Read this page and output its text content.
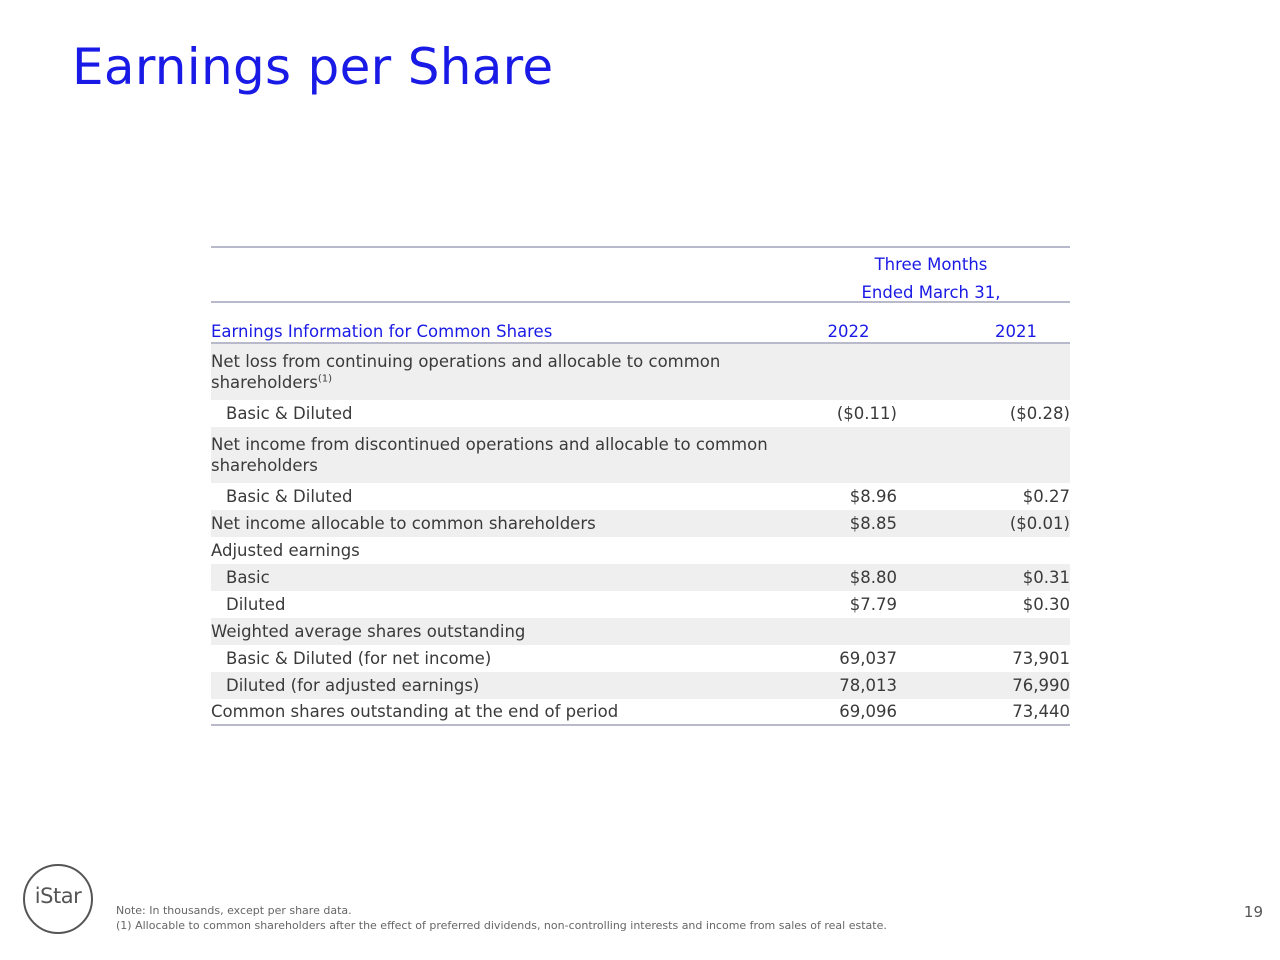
Earnings per Share
Three Months
Ended March 31,
Earnings Information for Common Shares	2022	2021
Net loss from continuing operations and allocable to common shareholders$^{(1)}$
Basic & Diluted	($0.11)	($0.28)
Net income from discontinued operations and allocable to common shareholders
Basic & Diluted	$8.96	$0.27
Net income allocable to common shareholders	$8.85	($0.01)
Adjusted earnings
Basic	$8.80	$0.31
Diluted	$7.79	$0.30
Weighted average shares outstanding
Basic & Diluted (for net income)	69,037	73,901
Diluted (for adjusted earnings)	78,013	76,990
Common shares outstanding at the end of period	69,096	73,440
iStar
Note: In thousands, except per share data.
(1) Allocable to common shareholders after the effect of preferred dividends, non-controlling interests and income from sales of real estate.
19
